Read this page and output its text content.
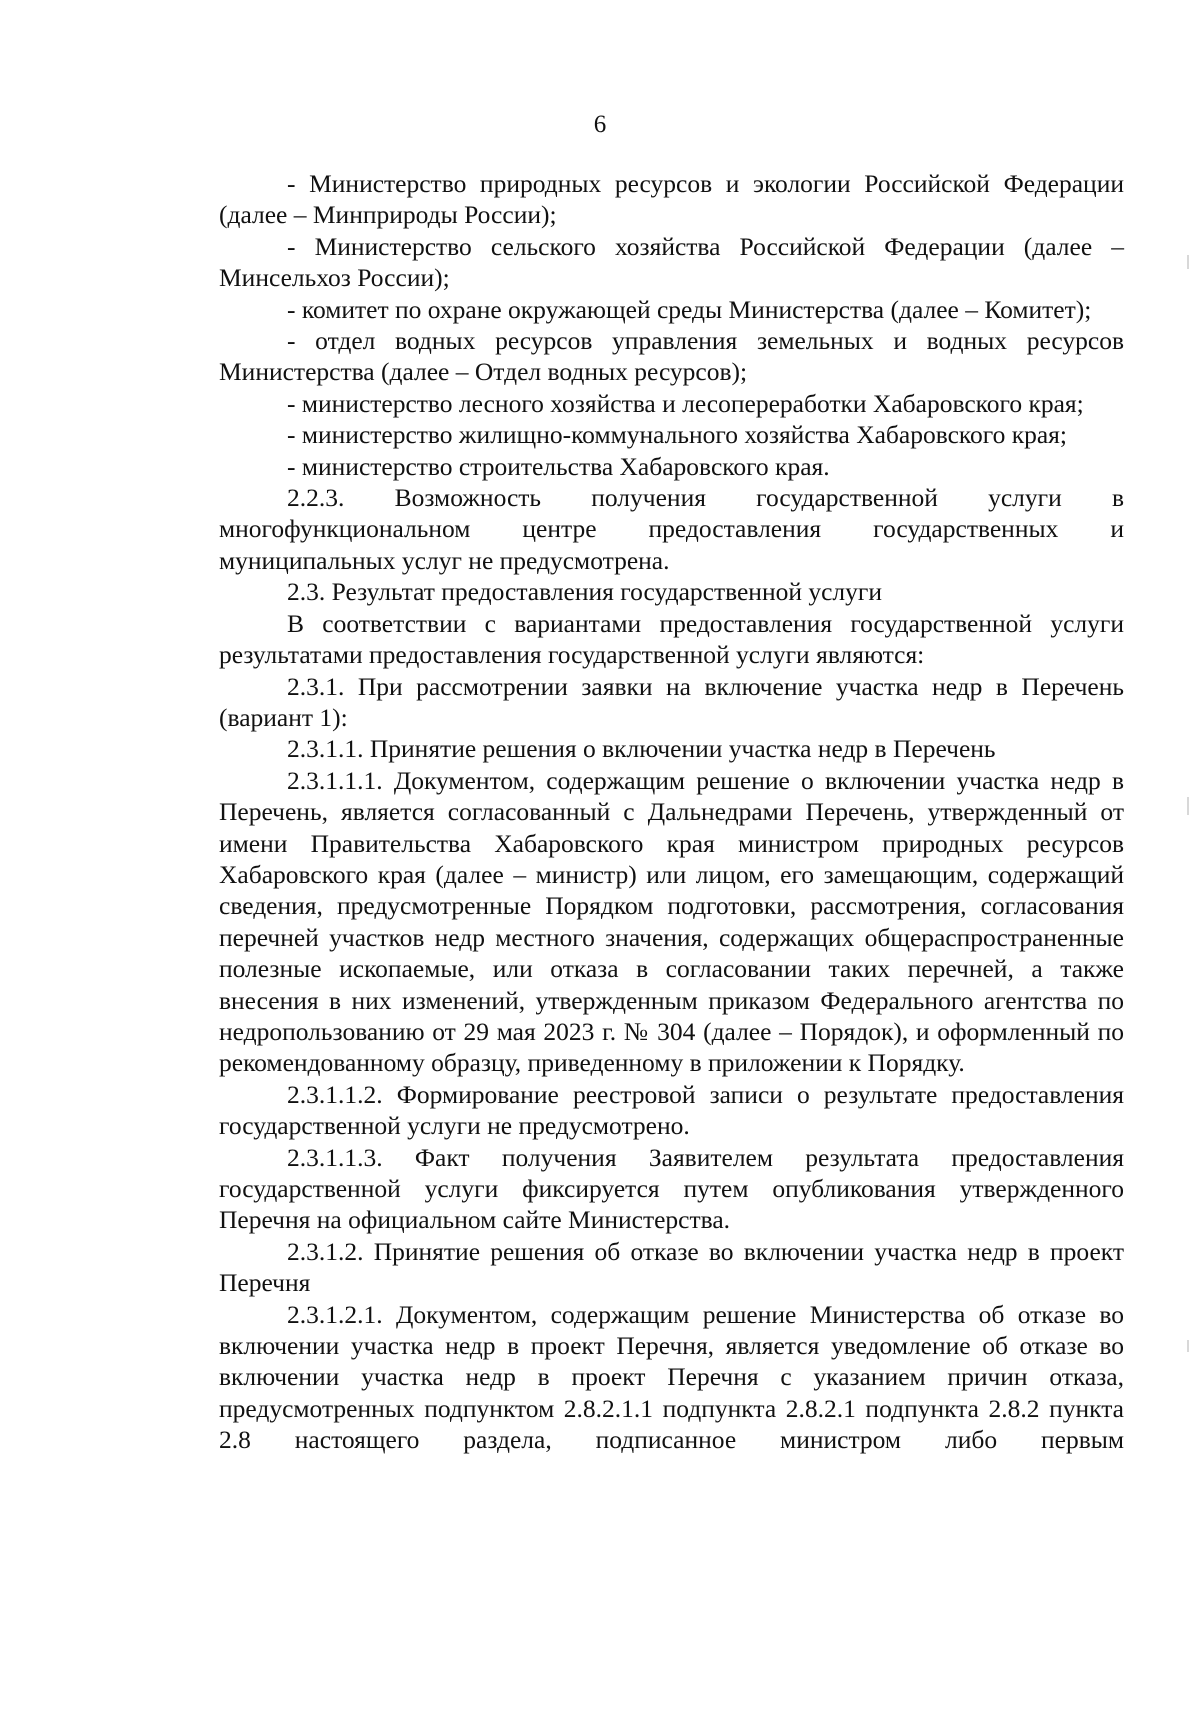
6

- Министерство природных ресурсов и экологии Российской Федерации (далее – Минприроды России);

- Министерство сельского хозяйства Российской Федерации (далее – Минсельхоз России);

- комитет по охране окружающей среды Министерства (далее – Комитет);

- отдел водных ресурсов управления земельных и водных ресурсов Министерства (далее – Отдел водных ресурсов);

- министерство лесного хозяйства и лесопереработки Хабаровского края;

- министерство жилищно-коммунального хозяйства Хабаровского края;

- министерство строительства Хабаровского края.

2.2.3. Возможность получения государственной услуги в многофункциональном центре предоставления государственных и муниципальных услуг не предусмотрена.

2.3. Результат предоставления государственной услуги

В соответствии с вариантами предоставления государственной услуги результатами предоставления государственной услуги являются:

2.3.1. При рассмотрении заявки на включение участка недр в Перечень (вариант 1):

2.3.1.1. Принятие решения о включении участка недр в Перечень

2.3.1.1.1. Документом, содержащим решение о включении участка недр в Перечень, является согласованный с Дальнедрами Перечень, утвержденный от имени Правительства Хабаровского края министром природных ресурсов Хабаровского края (далее – министр) или лицом, его замещающим, содержащий сведения, предусмотренные Порядком подготовки, рассмотрения, согласования перечней участков недр местного значения, содержащих общераспространенные полезные ископаемые, или отказа в согласовании таких перечней, а также внесения в них изменений, утвержденным приказом Федерального агентства по недропользованию от 29 мая 2023 г. № 304 (далее – Порядок), и оформленный по рекомендованному образцу, приведенному в приложении к Порядку.

2.3.1.1.2. Формирование реестровой записи о результате предоставления государственной услуги не предусмотрено.

2.3.1.1.3. Факт получения Заявителем результата предоставления государственной услуги фиксируется путем опубликования утвержденного Перечня на официальном сайте Министерства.

2.3.1.2. Принятие решения об отказе во включении участка недр в проект Перечня

2.3.1.2.1. Документом, содержащим решение Министерства об отказе во включении участка недр в проект Перечня, является уведомление об отказе во включении участка недр в проект Перечня с указанием причин отказа, предусмотренных подпунктом 2.8.2.1.1 подпункта 2.8.2.1 подпункта 2.8.2 пункта 2.8 настоящего раздела, подписанное министром либо первым
